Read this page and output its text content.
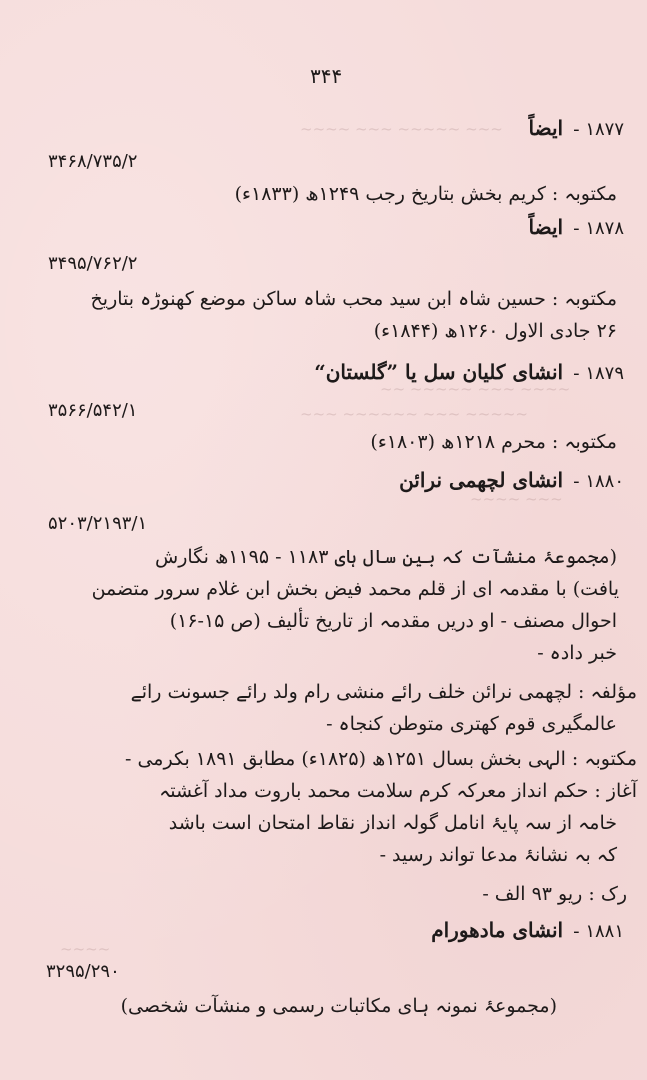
~~~ ~~~~~ ~~~ ~~~~
~~~~ ~~~ ~~~~~ ~~
~~~~~ ~~~ ~~~~~~ ~~~
~~~ ~~~~
~~~~
۳۴۴
۱۸۷۷ -
ایضاً
۳۴۶۸/۷۳۵/۲
مکتوبہ : کریم بخش بتاریخ رجب ۱۲۴۹ھ (۱۸۳۳ء)
۱۸۷۸ -
ایضاً
۳۴۹۵/۷۶۲/۲
مکتوبہ : حسین شاہ ابن سید محب شاہ ساکن موضع کھنوڑہ بتاریخ
۲۶ جادی الاول ۱۲۶۰ھ (۱۸۴۴ء)
۱۸۷۹ -
انشای کلیان سل یا ”گلستان“
۳۵۶۶/۵۴۲/۱
مکتوبہ : محرم ۱۲۱۸ھ (۱۸۰۳ء)
۱۸۸۰ -
انشای لچھمی نرائن
۵۲۰۳/۲۱۹۳/۱
(مجموعۂ منشآت کہ بین سال ہای ۱۱۸۳ - ۱۱۹۵ھ نگارش
یافت) با مقدمہ ای از قلم محمد فیض بخش ابن غلام سرور متضمن
احوال مصنف - او دریں مقدمہ از تاریخ تألیف (ص ۱۵-۱۶)
خبر دادہ -
مؤلفہ : لچھمی نرائن خلف رائے منشی رام ولد رائے جسونت رائے
عالمگیری قوم کھتری متوطن کنجاہ -
مکتوبہ : الہی بخش بسال ۱۲۵۱ھ (۱۸۲۵ء) مطابق ۱۸۹۱ بکرمی -
آغاز : حکم انداز معرکہ کرم سلامت محمد باروت مداد آغشتہ
خامہ از سہ پایۂ انامل گولہ انداز نقاط امتحان است باشد
کہ بہ نشانۂ مدعا تواند رسید -
رک : ریو ۹۳ الف -
۱۸۸۱ -
انشای مادھورام
۳۲۹۵/۲۹۰
(مجموعۂ نمونہ ہای مکاتبات رسمی و منشآت شخصی)
